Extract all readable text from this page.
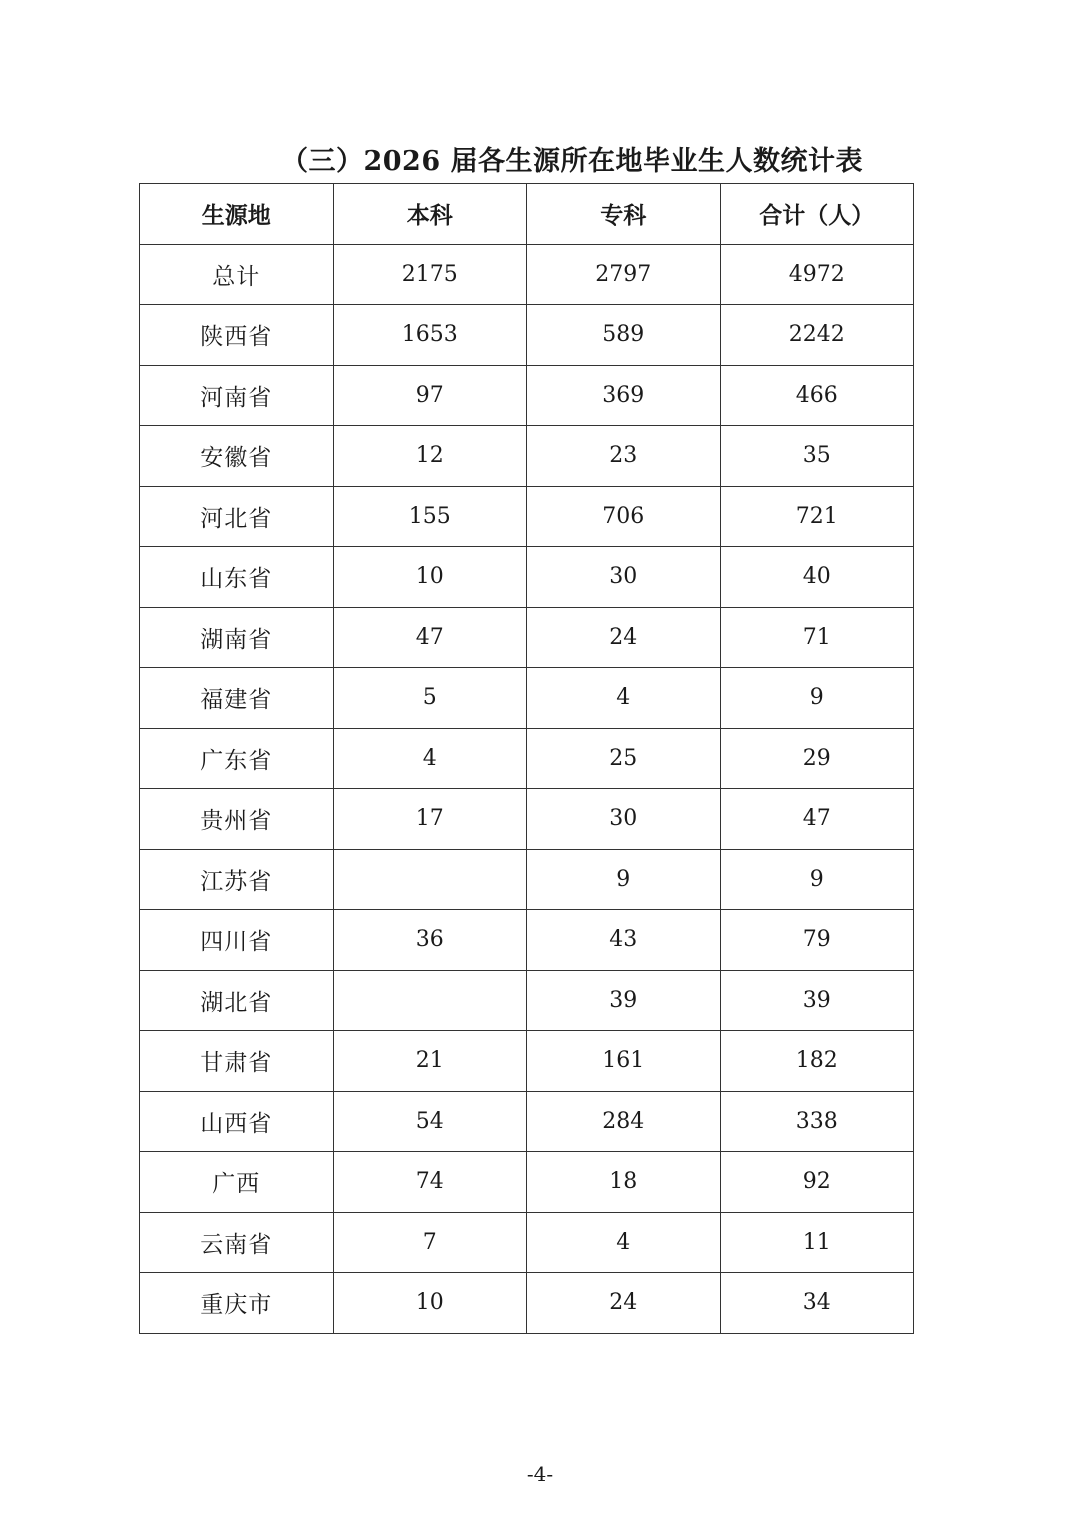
（三）2026 届各生源所在地毕业生人数统计表
生源地	本科	专科	合计（人）
总计	2175	2797	4972
陕西省	1653	589	2242
河南省	97	369	466
安徽省	12	23	35
河北省	155	706	721
山东省	10	30	40
湖南省	47	24	71
福建省	5	4	9
广东省	4	25	29
贵州省	17	30	47
江苏省		9	9
四川省	36	43	79
湖北省		39	39
甘肃省	21	161	182
山西省	54	284	338
广西	74	18	92
云南省	7	4	11
重庆市	10	24	34
-4-
